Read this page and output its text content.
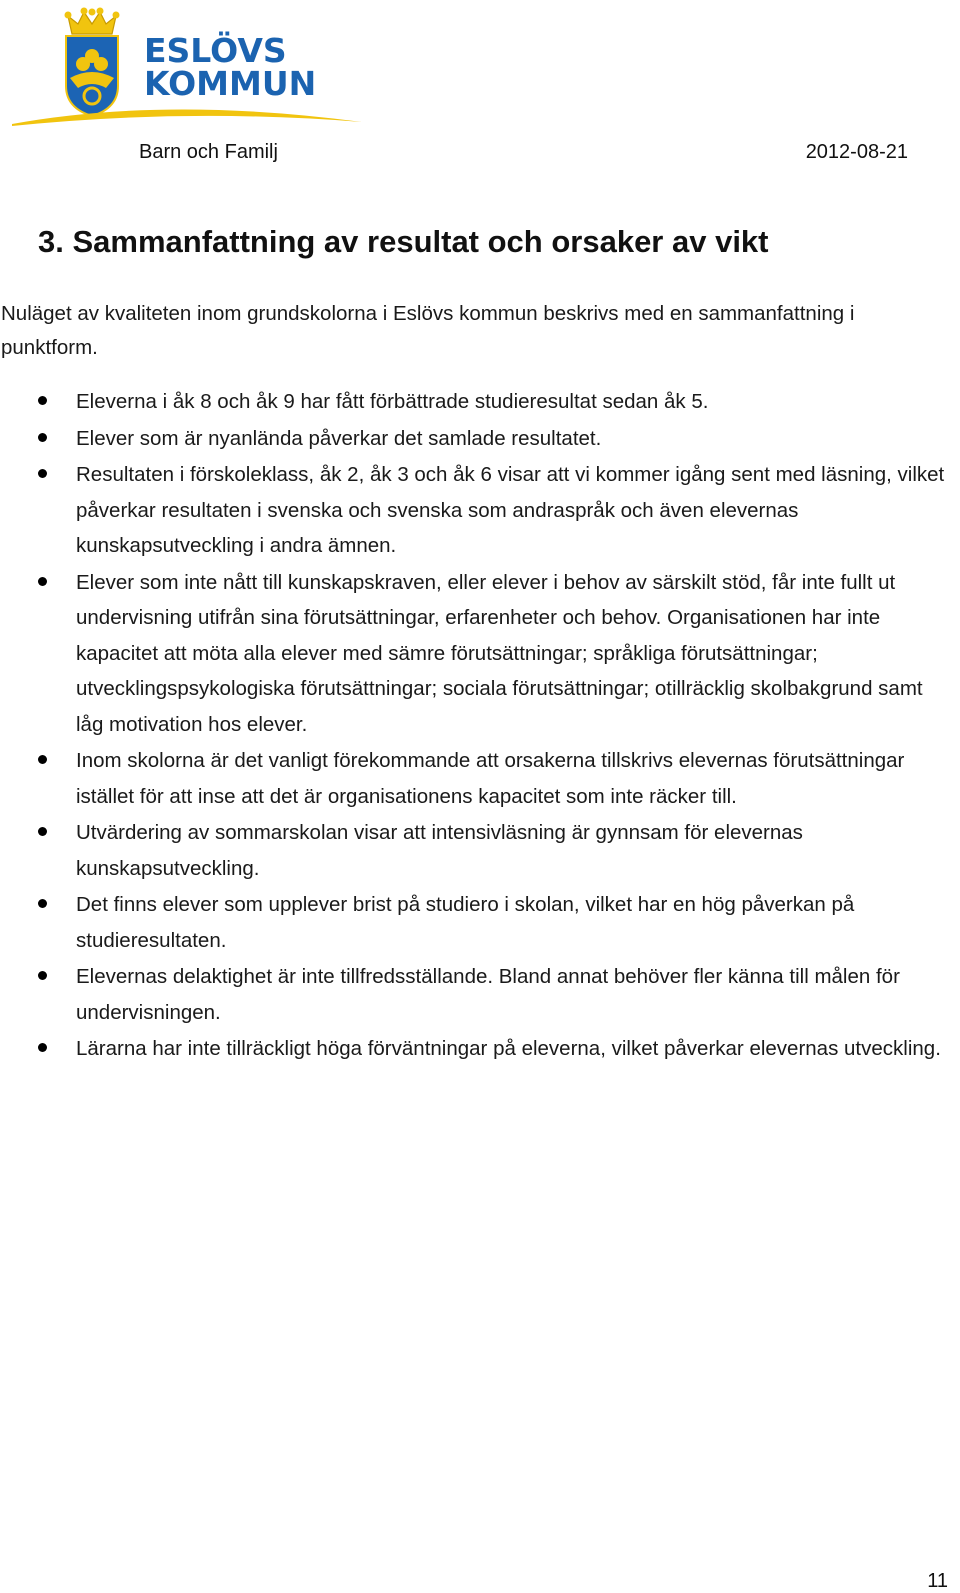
ESLÖVS
KOMMUN
Barn och Familj	2012-08-21
3. Sammanfattning av resultat och orsaker av vikt

Nuläget av kvaliteten inom grundskolorna i Eslövs kommun beskrivs med en sammanfattning i punktform.

Eleverna i åk 8 och åk 9 har fått förbättrade studieresultat sedan åk 5.
Elever som är nyanlända påverkar det samlade resultatet.
Resultaten i förskoleklass, åk 2, åk 3 och åk 6 visar att vi kommer igång sent med läsning, vilket påverkar resultaten i svenska och svenska som andraspråk och även elevernas kunskapsutveckling i andra ämnen.
Elever som inte nått till kunskapskraven, eller elever i behov av särskilt stöd, får inte fullt ut undervisning utifrån sina förutsättningar, erfarenheter och behov. Organisationen har inte kapacitet att möta alla elever med sämre förutsättningar; språkliga förutsättningar; utvecklingspsykologiska förutsättningar; sociala förutsättningar; otillräcklig skolbakgrund samt låg motivation hos elever.
Inom skolorna är det vanligt förekommande att orsakerna tillskrivs elevernas förutsättningar istället för att inse att det är organisationens kapacitet som inte räcker till.
Utvärdering av sommarskolan visar att intensivläsning är gynnsam för elevernas kunskapsutveckling.
Det finns elever som upplever brist på studiero i skolan, vilket har en hög påverkan på studieresultaten.
Elevernas delaktighet är inte tillfredsställande. Bland annat behöver fler känna till målen för undervisningen.
Lärarna har inte tillräckligt höga förväntningar på eleverna, vilket påverkar elevernas utveckling.
11
